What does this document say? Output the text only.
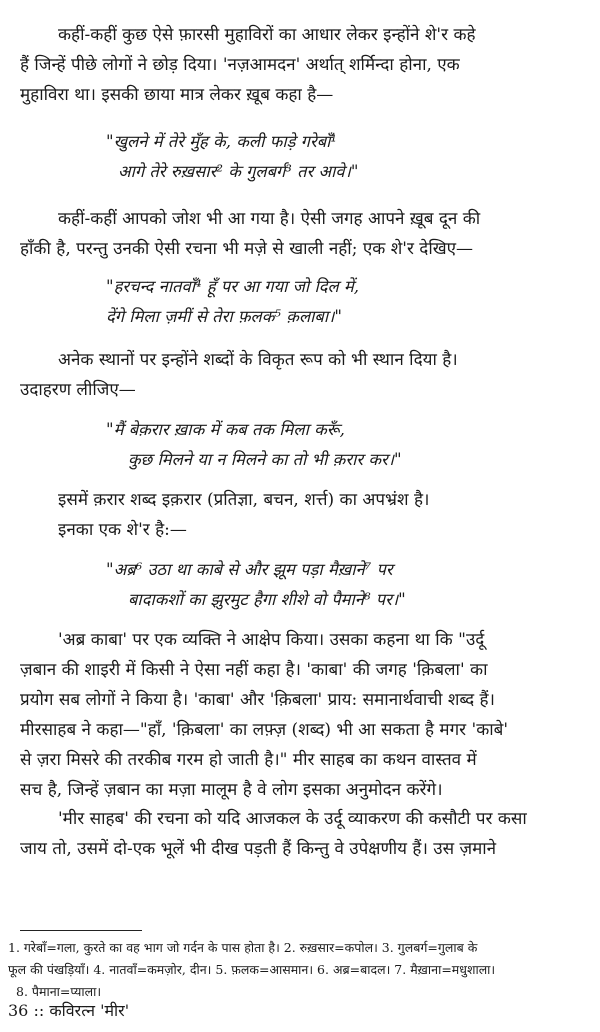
कहीं-कहीं कुछ ऐसे फ़ारसी मुहाविरों का आधार लेकर इन्होंने शे'र कहे
हैं जिन्हें पीछे लोगों ने छोड़ दिया। 'नज़आमदन' अर्थात् शर्मिन्दा होना, एक
मुहाविरा था। इसकी छाया मात्र लेकर ख़ूब कहा है—
"खुलने में तेरे मुँह के, कली फाड़े गरेबाँ¹
आगे तेरे रुख़सार² के गुलबर्ग³ तर आवे।"
कहीं-कहीं आपको जोश भी आ गया है। ऐसी जगह आपने ख़ूब दून की
हाँकी है, परन्तु उनकी ऐसी रचना भी मज़े से खाली नहीं; एक शे'र देखिए—
"हरचन्द नातवाँ⁴ हूँ पर आ गया जो दिल में,
देंगे मिला ज़मीं से तेरा फ़लक⁵ क़लाबा।"
अनेक स्थानों पर इन्होंने शब्दों के विकृत रूप को भी स्थान दिया है।
उदाहरण लीजिए—
"मैं बेक़रार ख़ाक में कब तक मिला करूँ,
कुछ मिलने या न मिलने का तो भी क़रार कर।"
इसमें क़रार शब्द इक़रार (प्रतिज्ञा, बचन, शर्त्त) का अपभ्रंश है।
इनका एक शे'र है:—
"अब्र⁶ उठा था काबे से और झूम पड़ा मैख़ाने⁷ पर
बादाकशों का झुरमुट हैगा शीशे वो पैमाने⁸ पर।"
'अब्र काबा' पर एक व्यक्ति ने आक्षेप किया। उसका कहना था कि "उर्दू
ज़बान की शाइरी में किसी ने ऐसा नहीं कहा है। 'काबा' की जगह 'क़िबला' का
प्रयोग सब लोगों ने किया है। 'काबा' और 'क़िबला' प्राय: समानार्थवाची शब्द हैं।
मीरसाहब ने कहा—"हाँ, 'क़िबला' का लफ़्ज़ (शब्द) भी आ सकता है मगर 'काबे'
से ज़रा मिसरे की तरकीब गरम हो जाती है।" मीर साहब का कथन वास्तव में
सच है, जिन्हें ज़बान का मज़ा मालूम है वे लोग इसका अनुमोदन करेंगे।
'मीर साहब' की रचना को यदि आजकल के उर्दू व्याकरण की कसौटी पर कसा
जाय तो, उसमें दो-एक भूलें भी दीख पड़ती हैं किन्तु वे उपेक्षणीय हैं। उस ज़माने
1. गरेबाँ=गला, कुरते का वह भाग जो गर्दन के पास होता है। 2. रुख़सार=कपोल। 3. गुलबर्ग=गुलाब के
फूल की पंखड़ियाँ। 4. नातवाँ=कमज़ोर, दीन। 5. फ़लक=आसमान। 6. अब्र=बादल। 7. मैख़ाना=मधुशाला।
8. पैमाना=प्याला।
36 :: कविरत्न 'मीर'
